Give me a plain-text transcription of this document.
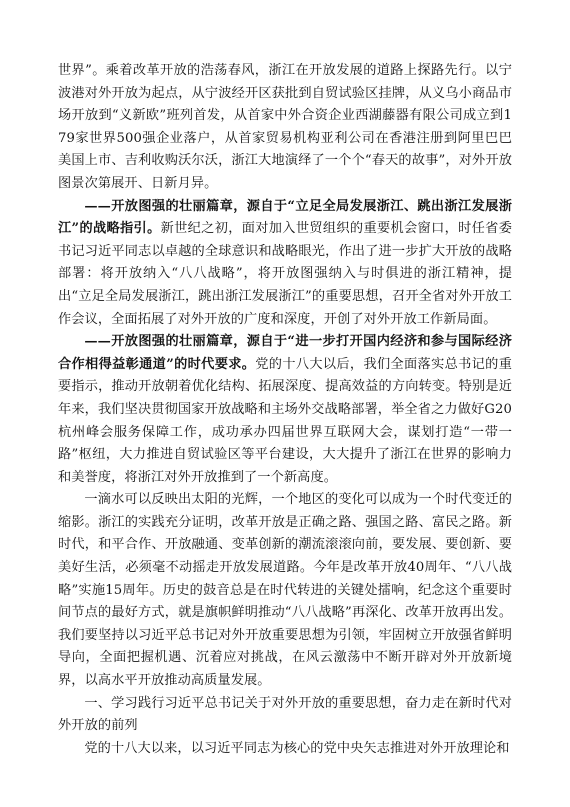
世界”。乘着改革开放的浩荡春风，浙江在开放发展的道路上探路先行。以宁波港对外开放为起点，从宁波经开区获批到自贸试验区挂牌，从义乌小商品市场开放到“义新欧”班列首发，从首家中外合资企业西湖藤器有限公司成立到179家世界500强企业落户，从首家贸易机构亚利公司在香港注册到阿里巴巴美国上市、吉利收购沃尔沃，浙江大地演绎了一个个“春天的故事”，对外开放图景次第展开、日新月异。

——开放图强的壮丽篇章，源自于“立足全局发展浙江、跳出浙江发展浙江”的战略指引。新世纪之初，面对加入世贸组织的重要机会窗口，时任省委书记习近平同志以卓越的全球意识和战略眼光，作出了进一步扩大开放的战略部署：将开放纳入“八八战略”，将开放图强纳入与时俱进的浙江精神，提出“立足全局发展浙江，跳出浙江发展浙江”的重要思想，召开全省对外开放工作会议，全面拓展了对外开放的广度和深度，开创了对外开放工作新局面。

——开放图强的壮丽篇章，源自于“进一步打开国内经济和参与国际经济合作相得益彰通道”的时代要求。党的十八大以后，我们全面落实总书记的重要指示，推动开放朝着优化结构、拓展深度、提高效益的方向转变。特别是近年来，我们坚决贯彻国家开放战略和主场外交战略部署，举全省之力做好G20杭州峰会服务保障工作，成功承办四届世界互联网大会，谋划打造“一带一路”枢纽，大力推进自贸试验区等平台建设，大大提升了浙江在世界的影响力和美誉度，将浙江对外开放推到了一个新高度。

一滴水可以反映出太阳的光辉，一个地区的变化可以成为一个时代变迁的缩影。浙江的实践充分证明，改革开放是正确之路、强国之路、富民之路。新时代，和平合作、开放融通、变革创新的潮流滚滚向前，要发展、要创新、要美好生活，必须毫不动摇走开放发展道路。今年是改革开放40周年、“八八战略”实施15周年。历史的鼓音总是在时代转进的关键处擂响，纪念这个重要时间节点的最好方式，就是旗帜鲜明推动“八八战略”再深化、改革开放再出发。我们要坚持以习近平总书记对外开放重要思想为引领，牢固树立开放强省鲜明导向，全面把握机遇、沉着应对挑战，在风云激荡中不断开辟对外开放新境界，以高水平开放推动高质量发展。

一、学习践行习近平总书记关于对外开放的重要思想，奋力走在新时代对外开放的前列

党的十八大以来，以习近平同志为核心的党中央矢志推进对外开放理论和
